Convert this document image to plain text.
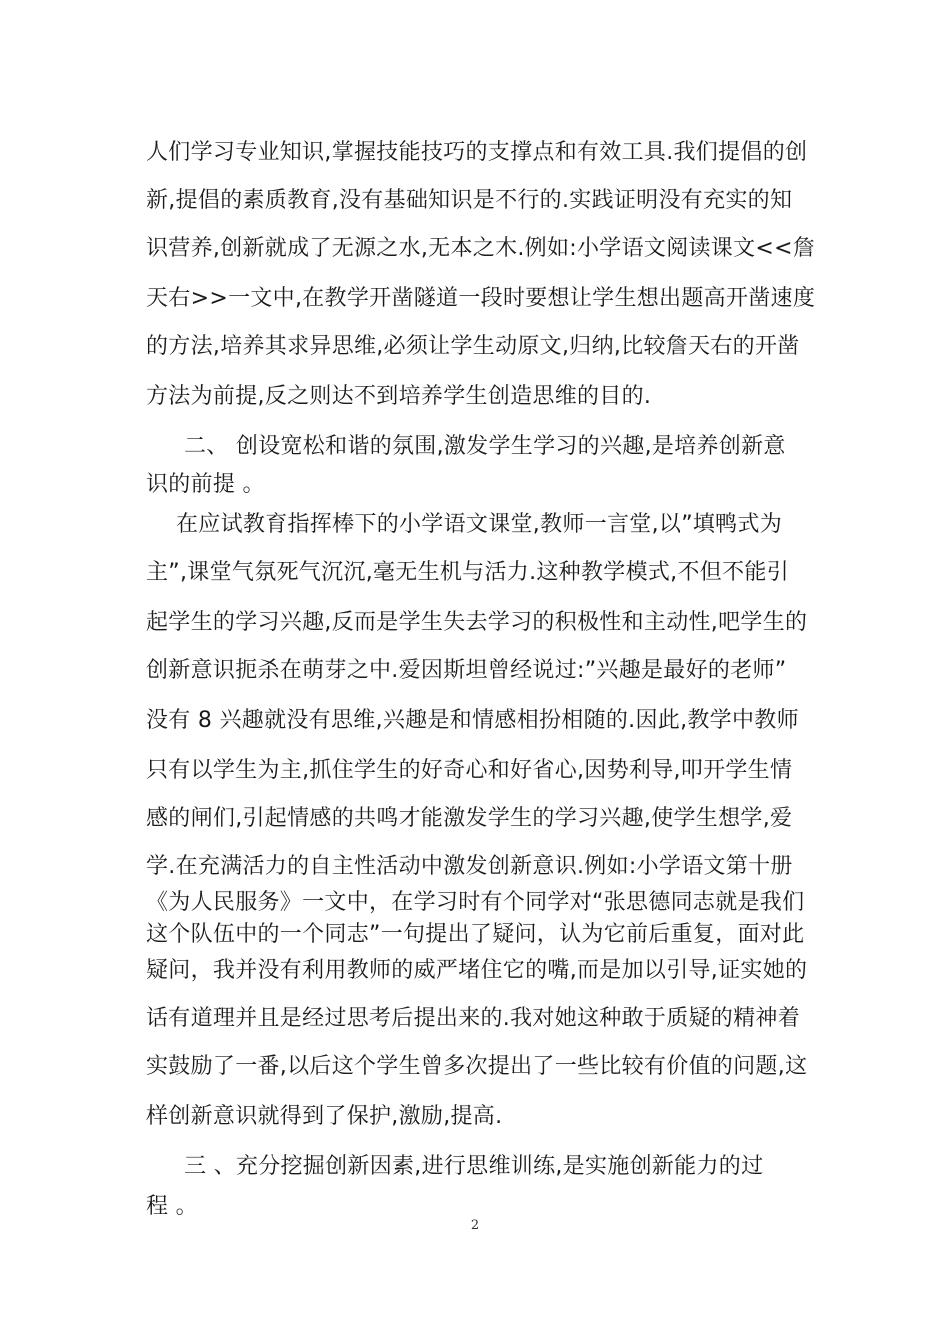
人们学习专业知识,掌握技能技巧的支撑点和有效工具.我们提倡的创
新,提倡的素质教育,没有基础知识是不行的.实践证明没有充实的知
识营养,创新就成了无源之水,无本之木.例如:小学语文阅读课文<<詹
天右>>一文中,在教学开凿隧道一段时要想让学生想出题高开凿速度
的方法,培养其求异思维,必须让学生动原文,归纳,比较詹天右的开凿
方法为前提,反之则达不到培养学生创造思维的目的.
二、 创设宽松和谐的氛围,激发学生学习的兴趣,是培养创新意
识的前提 。
在应试教育指挥棒下的小学语文课堂,教师一言堂,以”填鸭式为
主”,课堂气氛死气沉沉,毫无生机与活力.这种教学模式,不但不能引
起学生的学习兴趣,反而是学生失去学习的积极性和主动性,吧学生的
创新意识扼杀在萌芽之中.爱因斯坦曾经说过:”兴趣是最好的老师”
没有 8 兴趣就没有思维,兴趣是和情感相扮相随的.因此,教学中教师
只有以学生为主,抓住学生的好奇心和好省心,因势利导,叩开学生情
感的闸们,引起情感的共鸣才能激发学生的学习兴趣,使学生想学,爱
学.在充满活力的自主性活动中激发创新意识.例如:小学语文第十册
《为人民服务》一文中，在学习时有个同学对“张思德同志就是我们
这个队伍中的一个同志”一句提出了疑问，认为它前后重复，面对此
疑问，我并没有利用教师的威严堵住它的嘴,而是加以引导,证实她的
话有道理并且是经过思考后提出来的.我对她这种敢于质疑的精神着
实鼓励了一番,以后这个学生曾多次提出了一些比较有价值的问题,这
样创新意识就得到了保护,激励,提高.
三 、充分挖掘创新因素,进行思维训练,是实施创新能力的过
程 。
2
